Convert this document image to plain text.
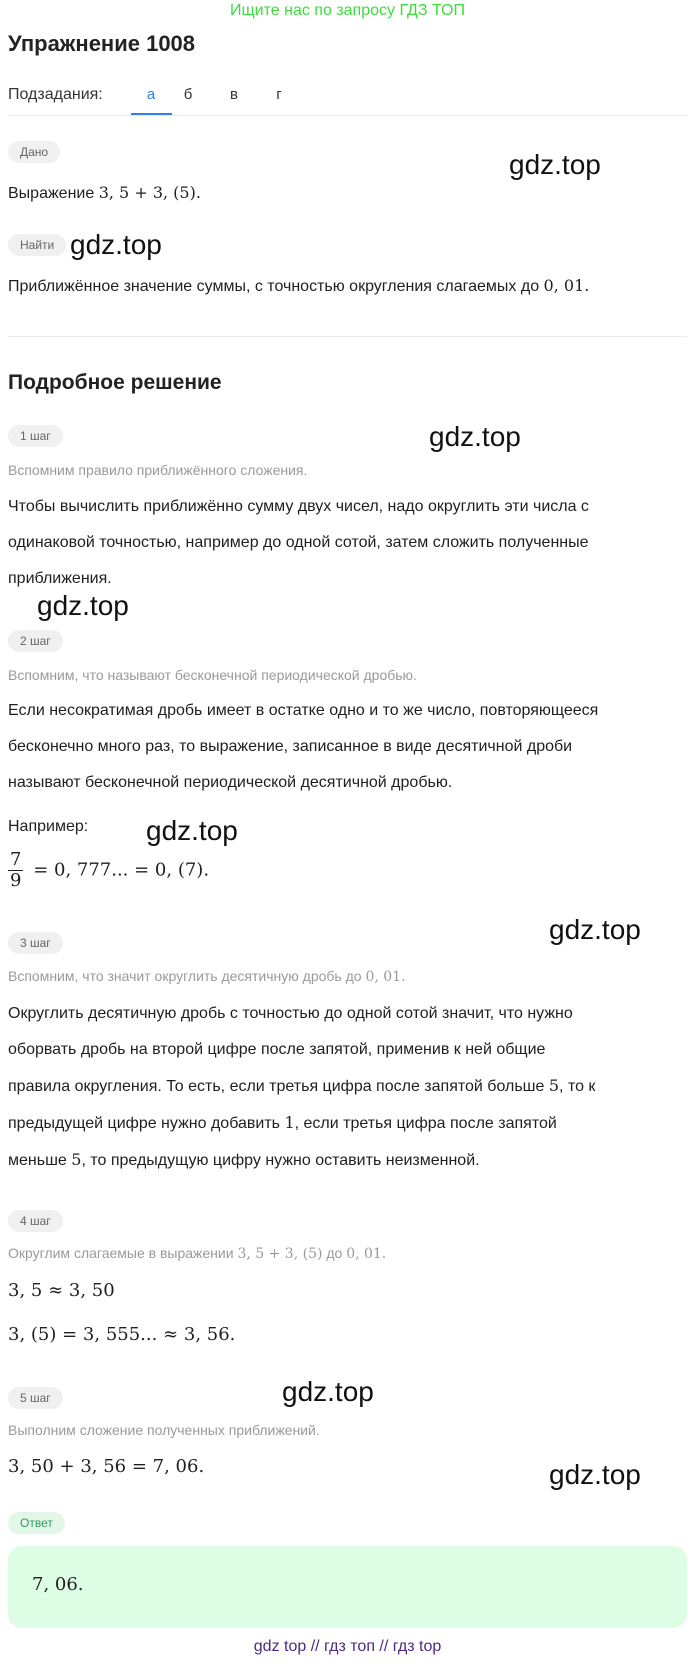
Ищите нас по запросу ГДЗ ТОП
Упражнение 1008
Подзадания:	а	б	в	г
Дано	gdz.top
Выражение 3, 5 + 3, (5).
Найти gdz.top
Приближённое значение суммы, с точностью округления слагаемых до 0, 01.
Подробное решение
1 шаг	gdz.top
Вспомним правило приближённого сложения.
Чтобы вычислить приближённо сумму двух чисел, надо округлить эти числа с
одинаковой точностью, например до одной сотой, затем сложить полученные
приближения.
gdz.top
2 шаг
Вспомним, что называют бесконечной периодической дробью.
Если несократимая дробь имеет в остатке одно и то же число, повторяющееся
бесконечно много раз, то выражение, записанное в виде десятичной дроби
называют бесконечной периодической десятичной дробью.
Например: gdz.top
$\frac{7}{9} = 0$, 777... = 0, (7).
3 шаг	gdz.top
Вспомним, что значит округлить десятичную дробь до 0, 01.
Округлить десятичную дробь с точностью до одной сотой значит, что нужно
оборвать дробь на второй цифре после запятой, применив к ней общие
правила округления. То есть, если третья цифра после запятой больше 5, то к
предыдущей цифре нужно добавить 1, если третья цифра после запятой
меньше 5, то предыдущую цифру нужно оставить неизменной.
4 шаг
Округлим слагаемые в выражении 3, 5 + 3, (5) до 0, 01.
3, 5 ≈ 3, 50
3, (5) = 3, 555... ≈ 3, 56.
5 шаг	gdz.top
Выполним сложение полученных приближений.
3, 50 + 3, 56 = 7, 06.	gdz.top
Ответ
7, 06.
gdz top // гдз топ // гдз top
